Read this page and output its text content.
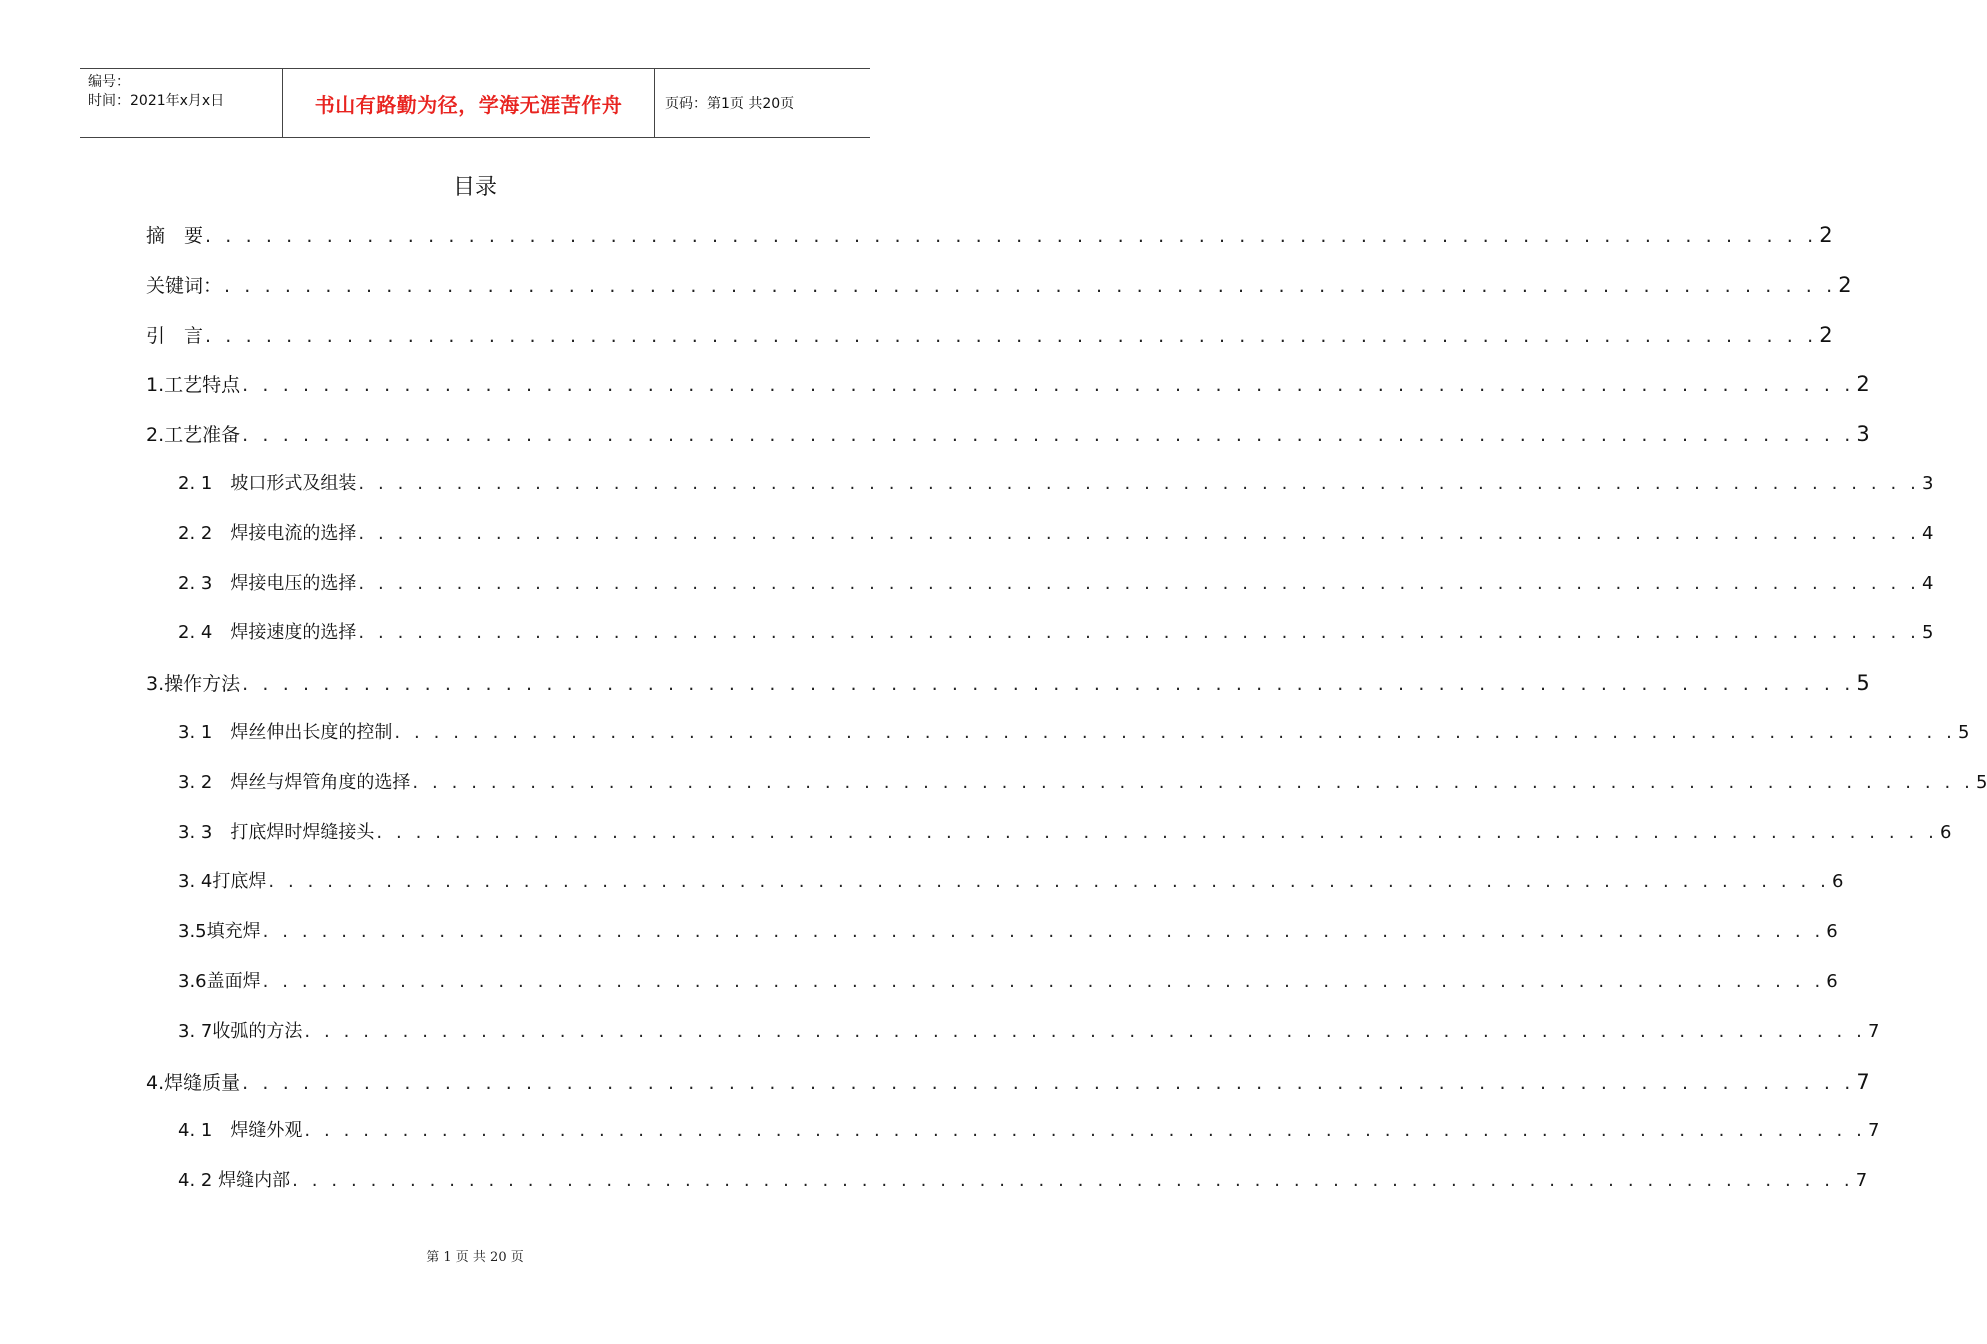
编号：
时间：2021年x月x日	书山有路勤为径，学海无涯苦作舟	页码：第1页 共20页
目录
摘　要 . . . . . . . . . . . . . . . . . . . . . . . . . . . . . . . . . . . . . . . . . . . . . . . . . . . . . . . . . . . . . . . . . . . . . . . . . . . . . . . . 2
关键词： . . . . . . . . . . . . . . . . . . . . . . . . . . . . . . . . . . . . . . . . . . . . . . . . . . . . . . . . . . . . . . . . . . . . . . . . . . . . . . . . 2
引　言 . . . . . . . . . . . . . . . . . . . . . . . . . . . . . . . . . . . . . . . . . . . . . . . . . . . . . . . . . . . . . . . . . . . . . . . . . . . . . . . . 2
1.工艺特点 . . . . . . . . . . . . . . . . . . . . . . . . . . . . . . . . . . . . . . . . . . . . . . . . . . . . . . . . . . . . . . . . . . . . . . . . . . . . . . . . 2
2.工艺准备 . . . . . . . . . . . . . . . . . . . . . . . . . . . . . . . . . . . . . . . . . . . . . . . . . . . . . . . . . . . . . . . . . . . . . . . . . . . . . . . . 3
2. 1　坡口形式及组装 . . . . . . . . . . . . . . . . . . . . . . . . . . . . . . . . . . . . . . . . . . . . . . . . . . . . . . . . . . . . . . . . . . . . . . . . . . . . . . . . 3
2. 2　焊接电流的选择 . . . . . . . . . . . . . . . . . . . . . . . . . . . . . . . . . . . . . . . . . . . . . . . . . . . . . . . . . . . . . . . . . . . . . . . . . . . . . . . . 4
2. 3　焊接电压的选择 . . . . . . . . . . . . . . . . . . . . . . . . . . . . . . . . . . . . . . . . . . . . . . . . . . . . . . . . . . . . . . . . . . . . . . . . . . . . . . . . 4
2. 4　焊接速度的选择 . . . . . . . . . . . . . . . . . . . . . . . . . . . . . . . . . . . . . . . . . . . . . . . . . . . . . . . . . . . . . . . . . . . . . . . . . . . . . . . . 5
3.操作方法 . . . . . . . . . . . . . . . . . . . . . . . . . . . . . . . . . . . . . . . . . . . . . . . . . . . . . . . . . . . . . . . . . . . . . . . . . . . . . . . . 5
3. 1　焊丝伸出长度的控制 . . . . . . . . . . . . . . . . . . . . . . . . . . . . . . . . . . . . . . . . . . . . . . . . . . . . . . . . . . . . . . . . . . . . . . . . . . . . . . . . 5
3. 2　焊丝与焊管角度的选择 . . . . . . . . . . . . . . . . . . . . . . . . . . . . . . . . . . . . . . . . . . . . . . . . . . . . . . . . . . . . . . . . . . . . . . . . . . . . . . . . 5
3. 3　打底焊时焊缝接头 . . . . . . . . . . . . . . . . . . . . . . . . . . . . . . . . . . . . . . . . . . . . . . . . . . . . . . . . . . . . . . . . . . . . . . . . . . . . . . . . 6
3. 4打底焊 . . . . . . . . . . . . . . . . . . . . . . . . . . . . . . . . . . . . . . . . . . . . . . . . . . . . . . . . . . . . . . . . . . . . . . . . . . . . . . . . 6
3.5填充焊 . . . . . . . . . . . . . . . . . . . . . . . . . . . . . . . . . . . . . . . . . . . . . . . . . . . . . . . . . . . . . . . . . . . . . . . . . . . . . . . . 6
3.6盖面焊 . . . . . . . . . . . . . . . . . . . . . . . . . . . . . . . . . . . . . . . . . . . . . . . . . . . . . . . . . . . . . . . . . . . . . . . . . . . . . . . . 6
3. 7收弧的方法 . . . . . . . . . . . . . . . . . . . . . . . . . . . . . . . . . . . . . . . . . . . . . . . . . . . . . . . . . . . . . . . . . . . . . . . . . . . . . . . . 7
4.焊缝质量 . . . . . . . . . . . . . . . . . . . . . . . . . . . . . . . . . . . . . . . . . . . . . . . . . . . . . . . . . . . . . . . . . . . . . . . . . . . . . . . . 7
4. 1　焊缝外观 . . . . . . . . . . . . . . . . . . . . . . . . . . . . . . . . . . . . . . . . . . . . . . . . . . . . . . . . . . . . . . . . . . . . . . . . . . . . . . . . 7
4. 2 焊缝内部 . . . . . . . . . . . . . . . . . . . . . . . . . . . . . . . . . . . . . . . . . . . . . . . . . . . . . . . . . . . . . . . . . . . . . . . . . . . . . . . . 7
第 1 页 共 20 页
